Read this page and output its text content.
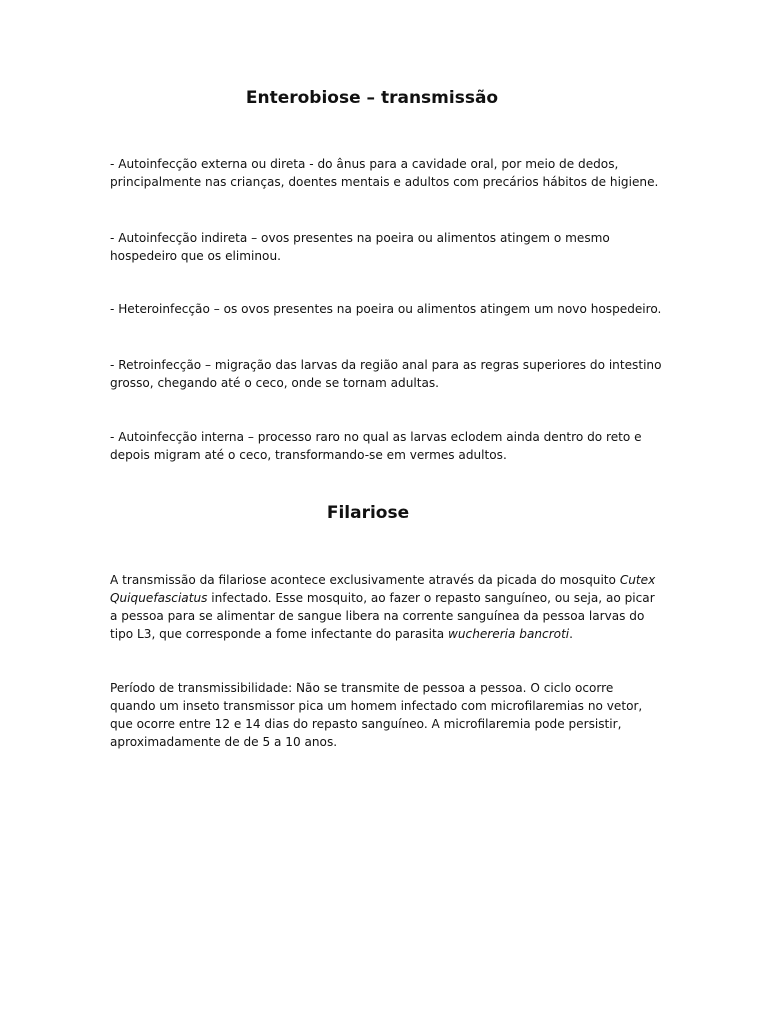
Enterobiose – transmissão

- Autoinfecção externa ou direta - do ânus para a cavidade oral, por meio de dedos, principalmente nas crianças, doentes mentais e adultos com precários hábitos de higiene.

- Autoinfecção indireta – ovos presentes na poeira ou alimentos atingem o mesmo hospedeiro que os eliminou.

- Heteroinfecção – os ovos presentes na poeira ou alimentos atingem um novo hospedeiro.

- Retroinfecção – migração das larvas da região anal para as regras superiores do intestino grosso, chegando até o ceco, onde se tornam adultas.

- Autoinfecção interna – processo raro no qual as larvas eclodem ainda dentro do reto e depois migram até o ceco, transformando-se em vermes adultos.

Filariose

A transmissão da filariose acontece exclusivamente através da picada do mosquito Cutex Quiquefasciatus infectado. Esse mosquito, ao fazer o repasto sanguíneo, ou seja, ao picar a pessoa para se alimentar de sangue libera na corrente sanguínea da pessoa larvas do tipo L3, que corresponde a fome infectante do parasita wuchereria bancroti.

Período de transmissibilidade: Não se transmite de pessoa a pessoa. O ciclo ocorre quando um inseto transmissor pica um homem infectado com microfilaremias no vetor, que ocorre entre 12 e 14 dias do repasto sanguíneo. A microfilaremia pode persistir, aproximadamente de de 5 a 10 anos.
